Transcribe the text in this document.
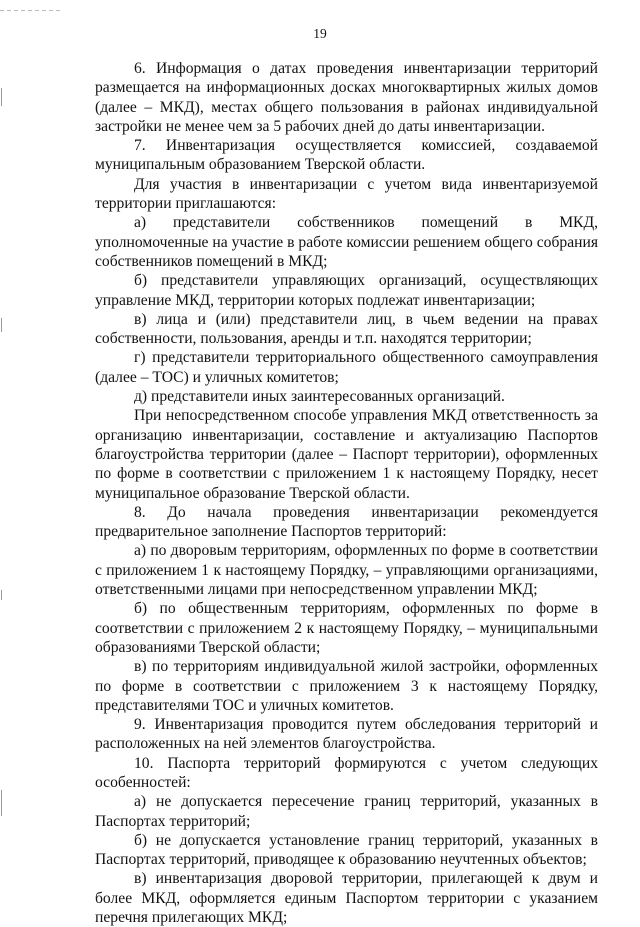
19

6. Информация о датах проведения инвентаризации территорий размещается на информационных досках многоквартирных жилых домов (далее – МКД), местах общего пользования в районах индивидуальной застройки не менее чем за 5 рабочих дней до даты инвентаризации.

7. Инвентаризация осуществляется комиссией, создаваемой муниципальным образованием Тверской области.

Для участия в инвентаризации с учетом вида инвентаризуемой территории приглашаются:

а) представители собственников помещений в МКД, уполномоченные на участие в работе комиссии решением общего собрания собственников помещений в МКД;

б) представители управляющих организаций, осуществляющих управление МКД, территории которых подлежат инвентаризации;

в) лица и (или) представители лиц, в чьем ведении на правах собственности, пользования, аренды и т.п. находятся территории;

г) представители территориального общественного самоуправления (далее – ТОС) и уличных комитетов;

д) представители иных заинтересованных организаций.

При непосредственном способе управления МКД ответственность за организацию инвентаризации, составление и актуализацию Паспортов благоустройства территории (далее – Паспорт территории), оформленных по форме в соответствии с приложением 1 к настоящему Порядку, несет муниципальное образование Тверской области.

8. До начала проведения инвентаризации рекомендуется предварительное заполнение Паспортов территорий:

а) по дворовым территориям, оформленных по форме в соответствии с приложением 1 к настоящему Порядку, – управляющими организациями, ответственными лицами при непосредственном управлении МКД;

б) по общественным территориям, оформленных по форме в соответствии с приложением 2 к настоящему Порядку, – муниципальными образованиями Тверской области;

в) по территориям индивидуальной жилой застройки, оформленных по форме в соответствии с приложением 3 к настоящему Порядку, представителями ТОС и уличных комитетов.

9. Инвентаризация проводится путем обследования территорий и расположенных на ней элементов благоустройства.

10. Паспорта территорий формируются с учетом следующих особенностей:

а) не допускается пересечение границ территорий, указанных в Паспортах территорий;

б) не допускается установление границ территорий, указанных в Паспортах территорий, приводящее к образованию неучтенных объектов;

в) инвентаризация дворовой территории, прилегающей к двум и более МКД, оформляется единым Паспортом территории с указанием перечня прилегающих МКД;
